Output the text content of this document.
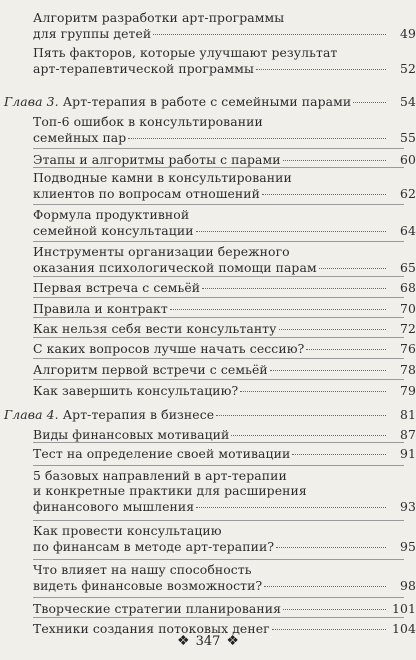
Алгоритм разработки арт-программы
для группы детей	49
Пять факторов, которые улучшают результат
арт-терапевтической программы	52
Глава 3.
Арт-терапия в работе с семейными парами	54
Топ-6 ошибок в консультировании
семейных пар	55
Этапы и алгоритмы работы с парами	60
Подводные камни в консультировании
клиентов по вопросам отношений	62
Формула продуктивной
семейной консультации	64
Инструменты организации бережного
оказания психологической помощи парам	65
Первая встреча с семьёй	68
Правила и контракт	70
Как нельзя себя вести консультанту	72
С каких вопросов лучше начать сессию?	76
Алгоритм первой встречи с семьёй	78
Как завершить консультацию?	79
Глава 4.
Арт-терапия в бизнесе	81
Виды финансовых мотиваций	87
Тест на определение своей мотивации	91
5 базовых направлений в арт-терапии
и конкретные практики для расширения
финансового мышления	93
Как провести консультацию
по финансам в методе арт-терапии?	95
Что влияет на нашу способность
видеть финансовые возможности?	98
Творческие стратегии планирования	101
Техники создания потоковых денег	104
❖ 347 ❖
